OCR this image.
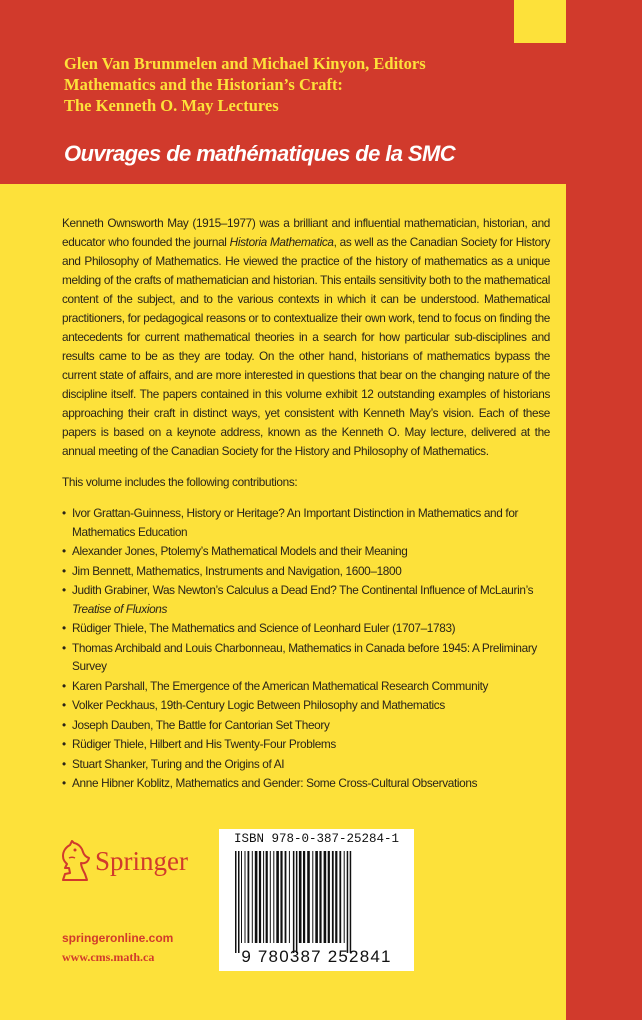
Glen Van Brummelen and Michael Kinyon, Editors
Mathematics and the Historian’s Craft:
The Kenneth O. May Lectures
Ouvrages de mathématiques de la SMC

Kenneth Ownsworth May (1915–1977) was a brilliant and influential mathematician, historian, and educator who founded the journal Historia Mathematica, as well as the Canadian Society for History and Philosophy of Mathematics. He viewed the practice of the history of mathematics as a unique melding of the crafts of mathematician and historian. This entails sensitivity both to the mathematical content of the subject, and to the various contexts in which it can be understood. Mathematical practitioners, for pedagogical reasons or to contextualize their own work, tend to focus on finding the antecedents for current mathematical theories in a search for how particular sub-disciplines and results came to be as they are today. On the other hand, historians of mathematics bypass the current state of affairs, and are more interested in questions that bear on the changing nature of the discipline itself. The papers contained in this volume exhibit 12 outstanding examples of historians approaching their craft in distinct ways, yet consistent with Kenneth May’s vision. Each of these papers is based on a keynote address, known as the Kenneth O. May lecture, delivered at the annual meeting of the Canadian Society for the History and Philosophy of Mathematics.

This volume includes the following contributions:
• Ivor Grattan-Guinness, History or Heritage? An Important Distinction in Mathematics and for Mathematics Education
• Alexander Jones, Ptolemy’s Mathematical Models and their Meaning
• Jim Bennett, Mathematics, Instruments and Navigation, 1600–1800
• Judith Grabiner, Was Newton’s Calculus a Dead End? The Continental Influence of McLaurin’s Treatise of Fluxions
• Rüdiger Thiele, The Mathematics and Science of Leonhard Euler (1707–1783)
• Thomas Archibald and Louis Charbonneau, Mathematics in Canada before 1945: A Preliminary Survey
• Karen Parshall, The Emergence of the American Mathematical Research Community
• Volker Peckhaus, 19th-Century Logic Between Philosophy and Mathematics
• Joseph Dauben, The Battle for Cantorian Set Theory
• Rüdiger Thiele, Hilbert and His Twenty-Four Problems
• Stuart Shanker, Turing and the Origins of AI
• Anne Hibner Koblitz, Mathematics and Gender: Some Cross-Cultural Observations
Springer
springeronline.com
www.cms.math.ca
ISBN 978-0-387-25284-1
9 780387 252841
